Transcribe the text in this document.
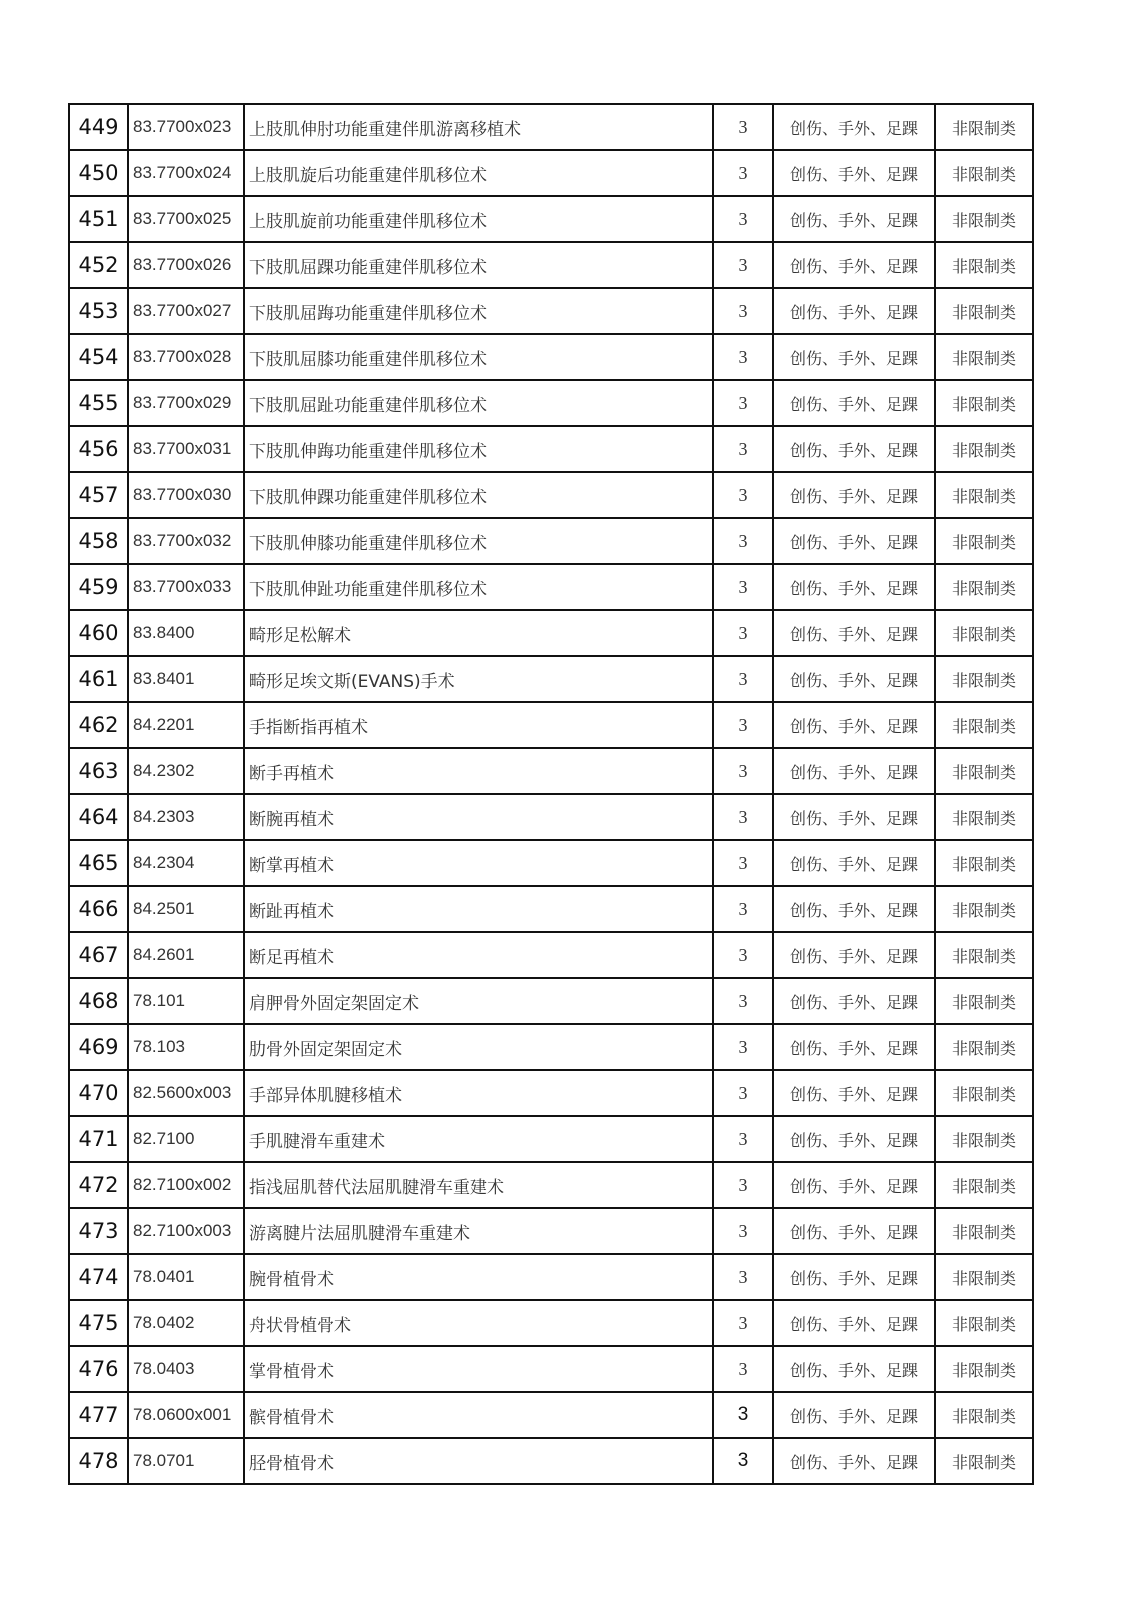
449	83.7700x023	上肢肌伸肘功能重建伴肌游离移植术	3	创伤、手外、足踝	非限制类
450	83.7700x024	上肢肌旋后功能重建伴肌移位术	3	创伤、手外、足踝	非限制类
451	83.7700x025	上肢肌旋前功能重建伴肌移位术	3	创伤、手外、足踝	非限制类
452	83.7700x026	下肢肌屈踝功能重建伴肌移位术	3	创伤、手外、足踝	非限制类
453	83.7700x027	下肢肌屈踇功能重建伴肌移位术	3	创伤、手外、足踝	非限制类
454	83.7700x028	下肢肌屈膝功能重建伴肌移位术	3	创伤、手外、足踝	非限制类
455	83.7700x029	下肢肌屈趾功能重建伴肌移位术	3	创伤、手外、足踝	非限制类
456	83.7700x031	下肢肌伸踇功能重建伴肌移位术	3	创伤、手外、足踝	非限制类
457	83.7700x030	下肢肌伸踝功能重建伴肌移位术	3	创伤、手外、足踝	非限制类
458	83.7700x032	下肢肌伸膝功能重建伴肌移位术	3	创伤、手外、足踝	非限制类
459	83.7700x033	下肢肌伸趾功能重建伴肌移位术	3	创伤、手外、足踝	非限制类
460	83.8400	畸形足松解术	3	创伤、手外、足踝	非限制类
461	83.8401	畸形足埃文斯(EVANS)手术	3	创伤、手外、足踝	非限制类
462	84.2201	手指断指再植术	3	创伤、手外、足踝	非限制类
463	84.2302	断手再植术	3	创伤、手外、足踝	非限制类
464	84.2303	断腕再植术	3	创伤、手外、足踝	非限制类
465	84.2304	断掌再植术	3	创伤、手外、足踝	非限制类
466	84.2501	断趾再植术	3	创伤、手外、足踝	非限制类
467	84.2601	断足再植术	3	创伤、手外、足踝	非限制类
468	78.101	肩胛骨外固定架固定术	3	创伤、手外、足踝	非限制类
469	78.103	肋骨外固定架固定术	3	创伤、手外、足踝	非限制类
470	82.5600x003	手部异体肌腱移植术	3	创伤、手外、足踝	非限制类
471	82.7100	手肌腱滑车重建术	3	创伤、手外、足踝	非限制类
472	82.7100x002	指浅屈肌替代法屈肌腱滑车重建术	3	创伤、手外、足踝	非限制类
473	82.7100x003	游离腱片法屈肌腱滑车重建术	3	创伤、手外、足踝	非限制类
474	78.0401	腕骨植骨术	3	创伤、手外、足踝	非限制类
475	78.0402	舟状骨植骨术	3	创伤、手外、足踝	非限制类
476	78.0403	掌骨植骨术	3	创伤、手外、足踝	非限制类
477	78.0600x001	髌骨植骨术	3	创伤、手外、足踝	非限制类
478	78.0701	胫骨植骨术	3	创伤、手外、足踝	非限制类
